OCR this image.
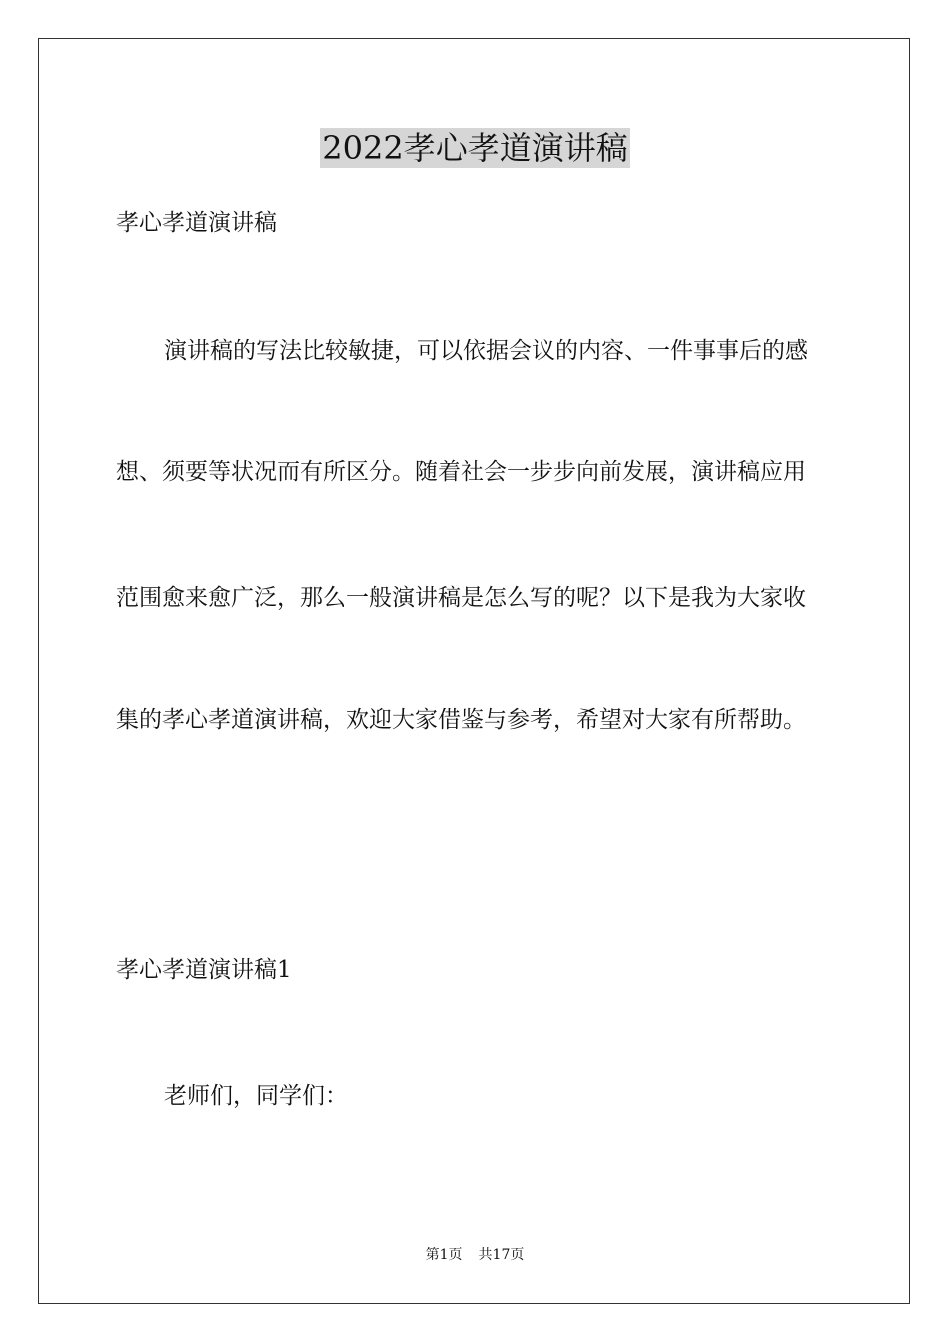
2022孝心孝道演讲稿
孝心孝道演讲稿
演讲稿的写法比较敏捷，可以依据会议的内容、一件事事后的感
想、须要等状况而有所区分。随着社会一步步向前发展，演讲稿应用
范围愈来愈广泛，那么一般演讲稿是怎么写的呢？以下是我为大家收
集的孝心孝道演讲稿，欢迎大家借鉴与参考，希望对大家有所帮助。
孝心孝道演讲稿1
老师们，同学们：
第1页 共17页
